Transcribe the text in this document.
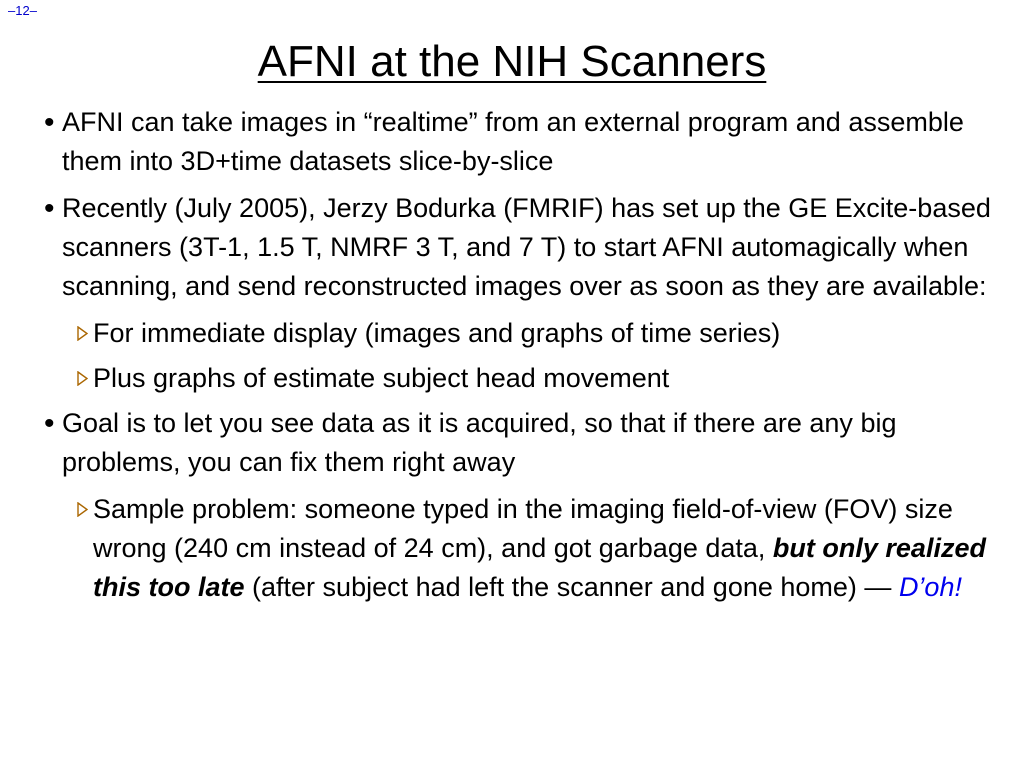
–12–
AFNI at the NIH Scanners
• AFNI can take images in “realtime” from an external program and assemble them into 3D+time datasets slice-by-slice
• Recently (July 2005), Jerzy Bodurka (FMRIF) has set up the GE Excite-based scanners (3T-1, 1.5 T, NMRF 3 T, and 7 T) to start AFNI automagically when scanning, and send reconstructed images over as soon as they are available:
For immediate display (images and graphs of time series)
Plus graphs of estimate subject head movement
• Goal is to let you see data as it is acquired, so that if there are any big problems, you can fix them right away
Sample problem: someone typed in the imaging field-of-view (FOV) size wrong (240 cm instead of 24 cm), and got garbage data, but only realized this too late (after subject had left the scanner and gone home) — D’oh!
